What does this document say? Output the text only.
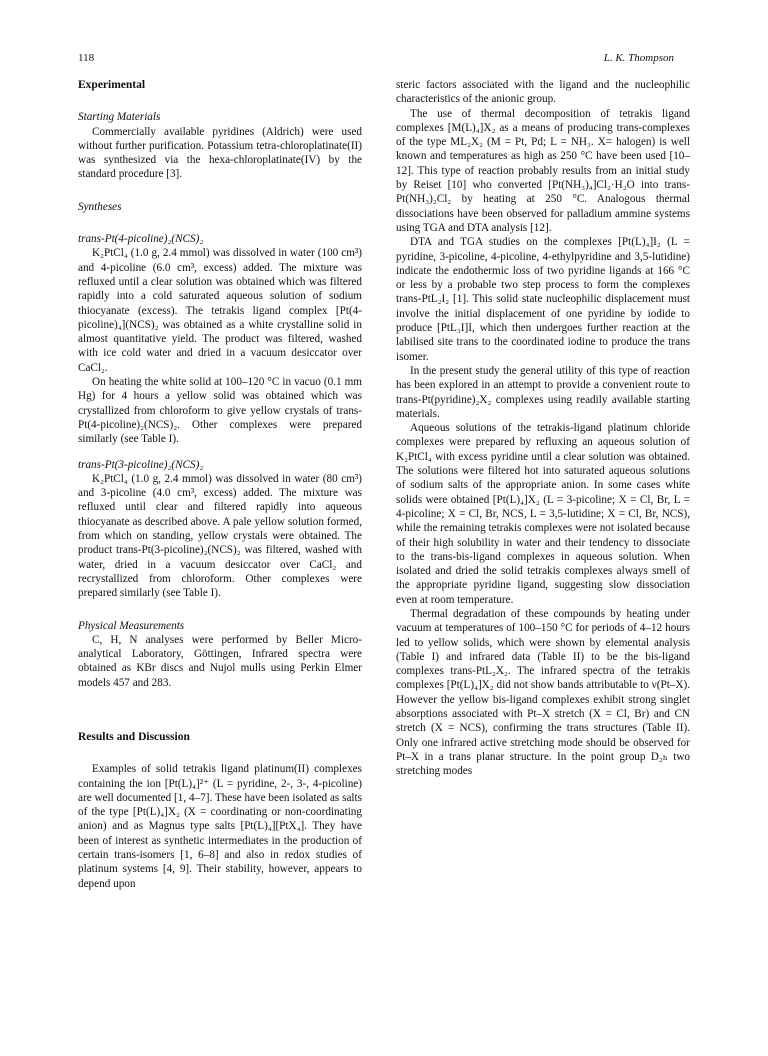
118	L. K. Thompson

Experimental

Starting Materials

Commercially available pyridines (Aldrich) were used without further purification. Potassium tetra-chloroplatinate(II) was synthesized via the hexa-chloroplatinate(IV) by the standard procedure [3].

Syntheses

trans-Pt(4-picoline)₂(NCS)₂

K₂PtCl₄ (1.0 g, 2.4 mmol) was dissolved in water (100 cm³) and 4-picoline (6.0 cm³, excess) added. The mixture was refluxed until a clear solution was obtained which was filtered rapidly into a cold saturated aqueous solution of sodium thiocyanate (excess). The tetrakis ligand complex [Pt(4-picoline)₄](NCS)₂ was obtained as a white crystalline solid in almost quantitative yield. The product was filtered, washed with ice cold water and dried in a vacuum desiccator over CaCl₂.

On heating the white solid at 100–120 °C in vacuo (0.1 mm Hg) for 4 hours a yellow solid was obtained which was crystallized from chloroform to give yellow crystals of trans-Pt(4-picoline)₂(NCS)₂. Other complexes were prepared similarly (see Table I).

trans-Pt(3-picoline)₂(NCS)₂

K₂PtCl₄ (1.0 g, 2.4 mmol) was dissolved in water (80 cm³) and 3-picoline (4.0 cm³, excess) added. The mixture was refluxed until clear and filtered rapidly into aqueous thiocyanate as described above. A pale yellow solution formed, from which on standing, yellow crystals were obtained. The product trans-Pt(3-picoline)₂(NCS)₂ was filtered, washed with water, dried in a vacuum desiccator over CaCl₂ and recrystallized from chloroform. Other complexes were prepared similarly (see Table I).

Physical Measurements

C, H, N analyses were performed by Beller Micro-analytical Laboratory, Göttingen, Infrared spectra were obtained as KBr discs and Nujol mulls using Perkin Elmer models 457 and 283.

Results and Discussion

Examples of solid tetrakis ligand platinum(II) complexes containing the ion [Pt(L)₄]²⁺ (L = pyridine, 2-, 3-, 4-picoline) are well documented [1, 4–7]. These have been isolated as salts of the type [Pt(L)₄]X₂ (X = coordinating or non-coordinating anion) and as Magnus type salts [Pt(L)₄][PtX₄]. They have been of interest as synthetic intermediates in the production of certain trans-isomers [1, 6–8] and also in redox studies of platinum systems [4, 9]. Their stability, however, appears to depend upon

steric factors associated with the ligand and the nucleophilic characteristics of the anionic group.

The use of thermal decomposition of tetrakis ligand complexes [M(L)₄]X₂ as a means of producing trans-complexes of the type ML₂X₂ (M = Pt, Pd; L = NH₃. X= halogen) is well known and temperatures as high as 250 °C have been used [10–12]. This type of reaction probably results from an initial study by Reiset [10] who converted [Pt(NH₃)₄]Cl₂·H₂O into trans-Pt(NH₃)₂Cl₂ by heating at 250 °C. Analogous thermal dissociations have been observed for palladium ammine systems using TGA and DTA analysis [12].

DTA and TGA studies on the complexes [Pt(L)₄]I₂ (L = pyridine, 3-picoline, 4-picoline, 4-ethylpyridine and 3,5-lutidine) indicate the endothermic loss of two pyridine ligands at 166 °C or less by a probable two step process to form the complexes trans-PtL₂I₂ [1]. This solid state nucleophilic displacement must involve the initial displacement of one pyridine by iodide to produce [PtL₃I]I, which then undergoes further reaction at the labilised site trans to the coordinated iodine to produce the trans isomer.

In the present study the general utility of this type of reaction has been explored in an attempt to provide a convenient route to trans-Pt(pyridine)₂X₂ complexes using readily available starting materials.

Aqueous solutions of the tetrakis-ligand platinum chloride complexes were prepared by refluxing an aqueous solution of K₂PtCl₄ with excess pyridine until a clear solution was obtained. The solutions were filtered hot into saturated aqueous solutions of sodium salts of the appropriate anion. In some cases white solids were obtained [Pt(L)₄]X₂ (L = 3-picoline; X = Cl, Br, L = 4-picoline; X = Cl, Br, NCS, L = 3,5-lutidine; X = Cl, Br, NCS), while the remaining tetrakis complexes were not isolated because of their high solubility in water and their tendency to dissociate to the trans-bis-ligand complexes in aqueous solution. When isolated and dried the solid tetrakis complexes always smell of the appropriate pyridine ligand, suggesting slow dissociation even at room temperature.

Thermal degradation of these compounds by heating under vacuum at temperatures of 100–150 °C for periods of 4–12 hours led to yellow solids, which were shown by elemental analysis (Table I) and infrared data (Table II) to be the bis-ligand complexes trans-PtL₂X₂. The infrared spectra of the tetrakis complexes [Pt(L)₄]X₂ did not show bands attributable to ν(Pt–X). However the yellow bis-ligand complexes exhibit strong singlet absorptions associated with Pt–X stretch (X = Cl, Br) and CN stretch (X = NCS), confirming the trans structures (Table II). Only one infrared active stretching mode should be observed for Pt–X in a trans planar structure. In the point group D₂ₕ two stretching modes
